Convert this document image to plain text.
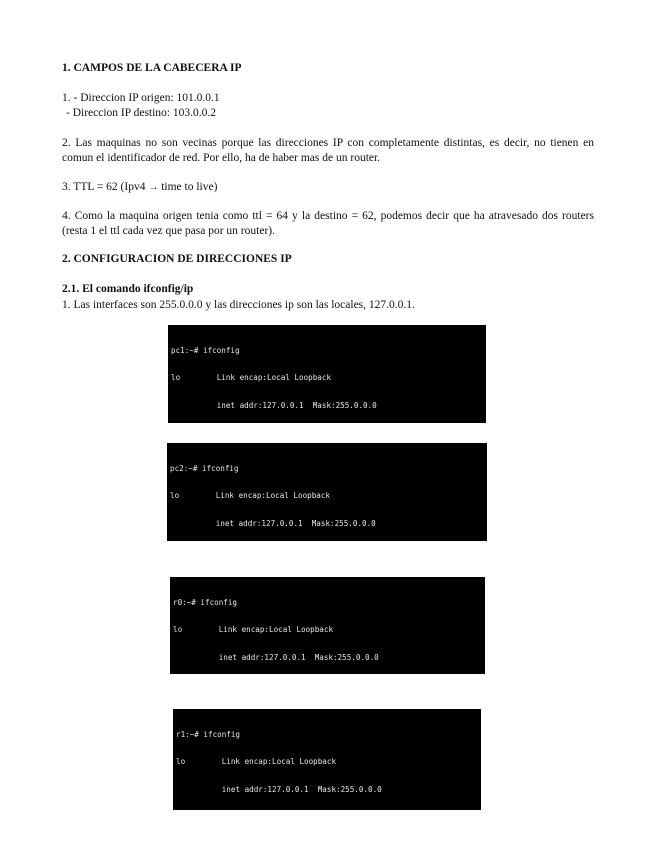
1. CAMPOS DE LA CABECERA IP
1. - Direccion IP origen: 101.0.0.1
- Direccion IP destino: 103.0.0.2
2. Las maquinas no son vecinas porque las direcciones IP con completamente distintas, es decir, no tienen en comun el identificador de red. Por ello, ha de haber mas de un router.
3. TTL = 62 (Ipv4 → time to live)
4. Como la maquina origen tenia como ttl = 64 y la destino = 62, podemos decir que ha atravesado dos routers (resta 1 el ttl cada vez que pasa por un router).
2. CONFIGURACION DE DIRECCIONES IP
2.1. El comando ifconfig/ip
1. Las interfaces son 255.0.0.0 y las direcciones ip son las locales, 127.0.0.1.

pc1:~# ifconfig

lo        Link encap:Local Loopback

inet addr:127.0.0.1  Mask:255.0.0.0

pc2:~# ifconfig

lo        Link encap:Local Loopback

inet addr:127.0.0.1  Mask:255.0.0.0

r0:~# ifconfig

lo        Link encap:Local Loopback

inet addr:127.0.0.1  Mask:255.0.0.0

r1:~# ifconfig

lo        Link encap:Local Loopback

inet addr:127.0.0.1  Mask:255.0.0.0
